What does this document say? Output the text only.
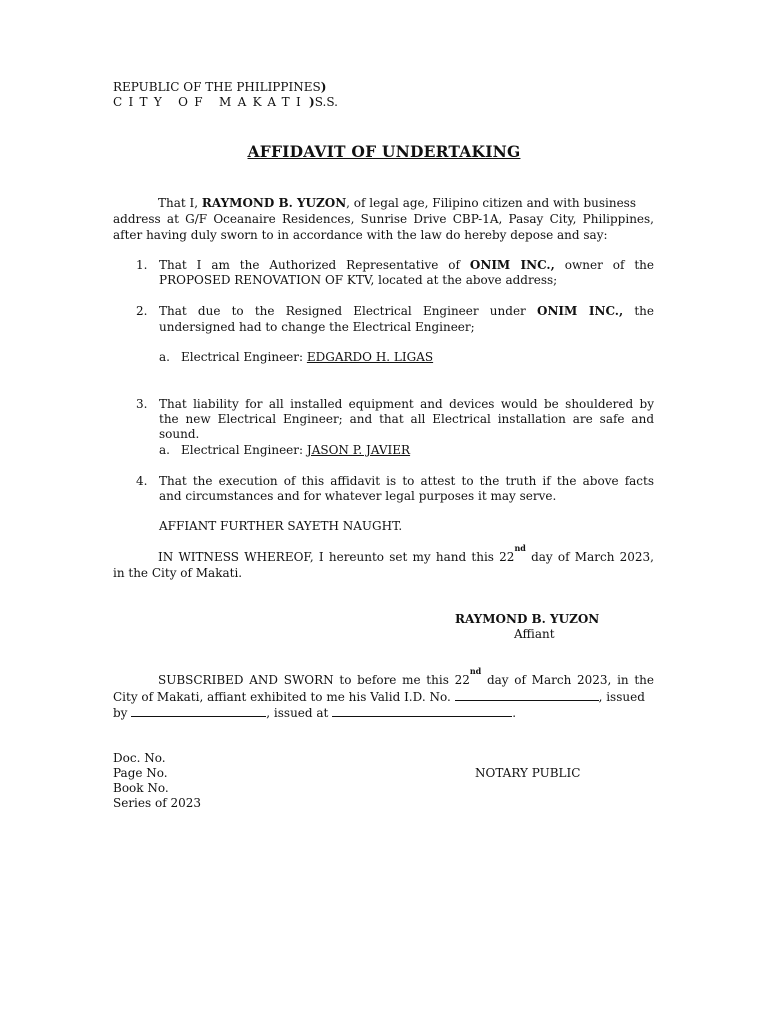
REPUBLIC OF THE PHILIPPINES)
CITY OF MAKATI )S.S.
AFFIDAVIT OF UNDERTAKING
That I, RAYMOND B. YUZON, of legal age, Filipino citizen and with business
address at G/F Oceanaire Residences, Sunrise Drive CBP-1A, Pasay City, Philippines,
after having duly sworn to in accordance with the law do hereby depose and say:
1. That I am the Authorized Representative of ONIM INC., owner of the
PROPOSED RENOVATION OF KTV, located at the above address;
2. That due to the Resigned Electrical Engineer under ONIM INC., the
undersigned had to change the Electrical Engineer;
a. Electrical Engineer: EDGARDO H. LIGAS
3. That liability for all installed equipment and devices would be shouldered by
the new Electrical Engineer; and that all Electrical installation are safe and
sound.
a. Electrical Engineer: JASON P. JAVIER
4. That the execution of this affidavit is to attest to the truth if the above facts
and circumstances and for whatever legal purposes it may serve.
AFFIANT FURTHER SAYETH NAUGHT.
IN WITNESS WHEREOF, I hereunto set my hand this 22nd day of March 2023,
in the City of Makati.
RAYMOND B. YUZON
Affiant
SUBSCRIBED AND SWORN to before me this 22nd day of March 2023, in the
City of Makati, affiant exhibited to me his Valid I.D. No.	, issued
by	, issued at	.
Doc. No.
Page No.
Book No.
Series of 2023
NOTARY PUBLIC
